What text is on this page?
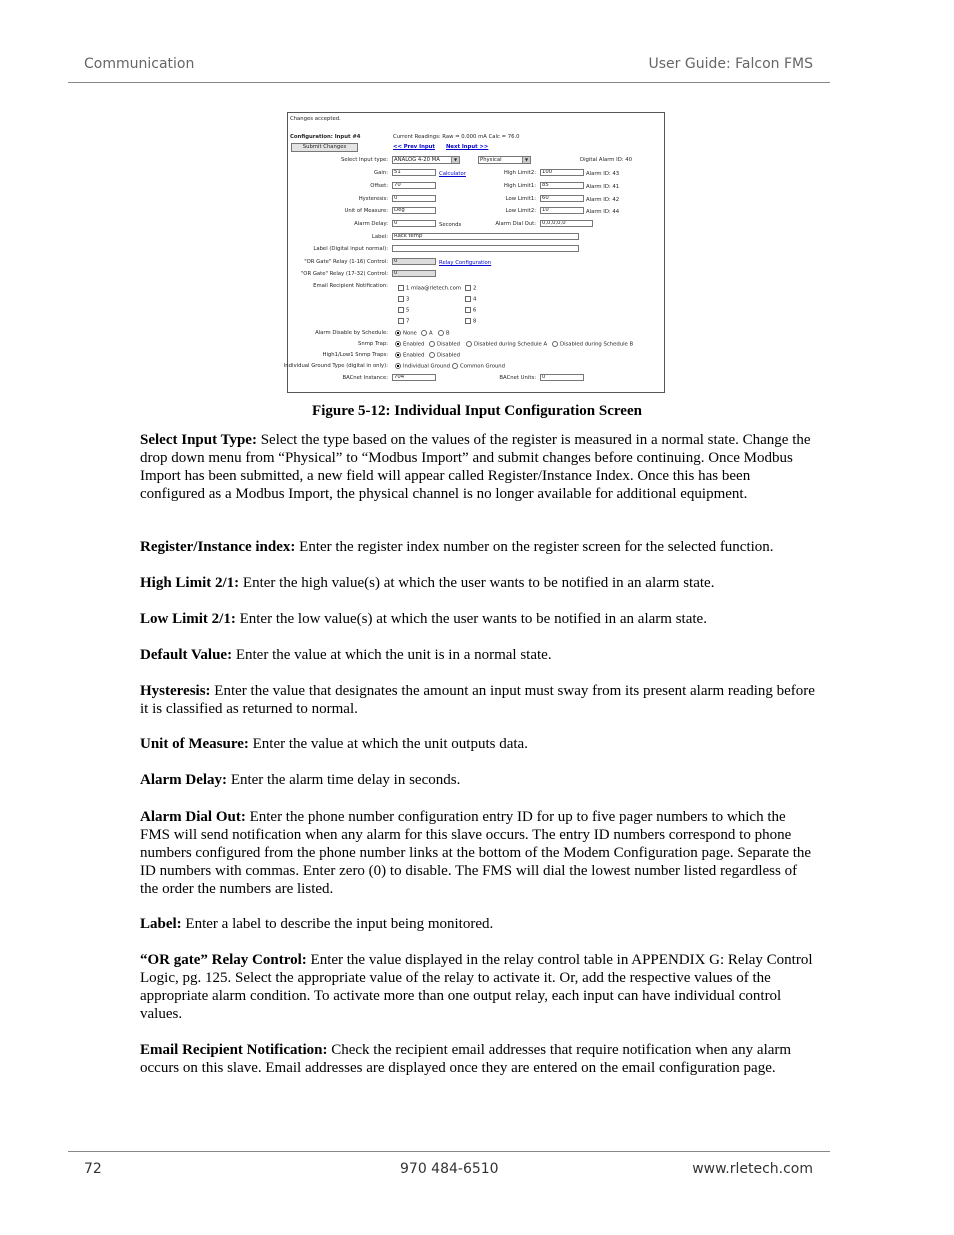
Communication	User Guide: Falcon FMS
Changes accepted.
Configuration: Input #4	Current Readings: Raw = 0.000 mA Calc = 76.0
Submit Changes	<< Prev Input Next Input >>
Select Input type:	ANALOG 4-20 MA	▼	Physical	▼	Digital Alarm ID: 40
Gain:	51	Calculator
Offset:	70
Hysteresis:	0
Unit of Measure:	Deg
Alarm Delay:	0	Seconds
Label:	Rack temp
Label (Digital input normal):
"OR Gate" Relay (1-16) Control:	0	Relay Configuration
"OR Gate" Relay (17-32) Control:	0
High Limit2:	100	Alarm ID: 43
High Limit1:	85	Alarm ID: 41
Low Limit1:	60	Alarm ID: 42
Low Limit2:	10	Alarm ID: 44
Alarm Dial Out:	0,0,0,0,0
Email Recipient Notification:	1 mlaa@rletech.com	2
3	4
5	6
7	8
Alarm Disable by Schedule:	None	A	B
Snmp Trap:	Enabled	Disabled	Disabled during Schedule A	Disabled during Schedule B
High1/Low1 Snmp Traps:	Enabled	Disabled
Individual Ground Type (digital in only):	Individual Ground	Common Ground
BACnet Instance:	704	BACnet Units:	0
Figure 5-12: Individual Input Configuration Screen

Select Input Type: Select the type based on the values of the register is measured in a normal state. Change the drop down menu from “Physical” to “Modbus Import” and submit changes before continuing. Once Modbus Import has been submitted, a new field will appear called Register/Instance Index. Once this has been configured as a Modbus Import, the physical channel is no longer available for additional equipment.

Register/Instance index: Enter the register index number on the register screen for the selected function.

High Limit 2/1: Enter the high value(s) at which the user wants to be notified in an alarm state.

Low Limit 2/1: Enter the low value(s) at which the user wants to be notified in an alarm state.

Default Value: Enter the value at which the unit is in a normal state.

Hysteresis: Enter the value that designates the amount an input must sway from its present alarm reading before it is classified as returned to normal.

Unit of Measure: Enter the value at which the unit outputs data.

Alarm Delay: Enter the alarm time delay in seconds.

Alarm Dial Out: Enter the phone number configuration entry ID for up to five pager numbers to which the FMS will send notification when any alarm for this slave occurs. The entry ID numbers correspond to phone numbers configured from the phone number links at the bottom of the Modem Configuration page. Separate the ID numbers with commas. Enter zero (0) to disable. The FMS will dial the lowest number listed regardless of the order the numbers are listed.

Label: Enter a label to describe the input being monitored.

“OR gate” Relay Control: Enter the value displayed in the relay control table in APPENDIX G: Relay Control Logic, pg. 125. Select the appropriate value of the relay to activate it. Or, add the respective values of the appropriate alarm condition. To activate more than one output relay, each input can have individual control values.

Email Recipient Notification: Check the recipient email addresses that require notification when any alarm occurs on this slave. Email addresses are displayed once they are entered on the email configuration page.

72	970 484-6510	www.rletech.com
